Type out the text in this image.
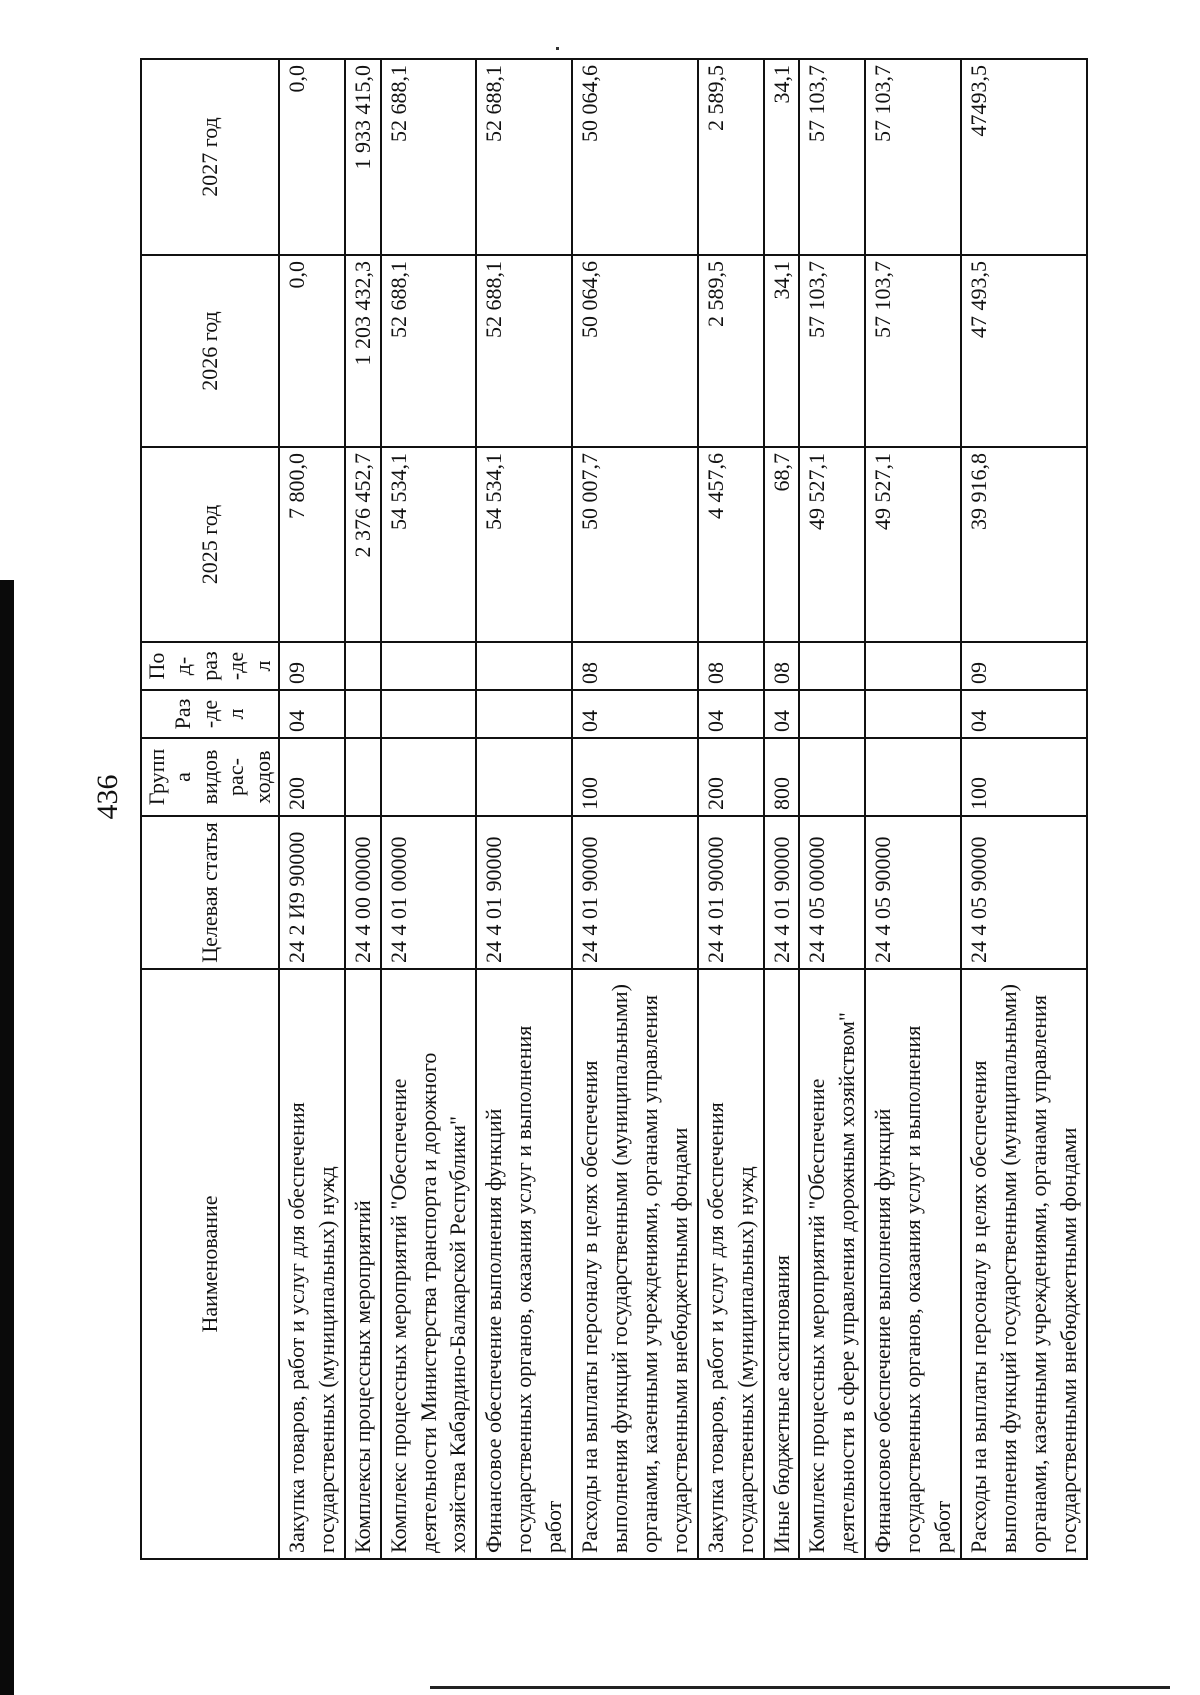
436
Наименование	Целевая статья	Группа видов рас-ходов	Раз-дел	Под-раз-дел	2025 год	2026 год	2027 год
Закупка товаров, работ и услуг для обеспечения государственных (муниципальных) нужд	24 2 И9 90000	200	04	09	7 800,0	0,0	0,0
Комплексы процессных мероприятий	24 4 00 00000				2 376 452,7	1 203 432,3	1 933 415,0
Комплекс процессных мероприятий "Обеспечение деятельности Министерства транспорта и дорожного хозяйства Кабардино-Балкарской Республики"	24 4 01 00000				54 534,1	52 688,1	52 688,1
Финансовое обеспечение выполнения функций государственных органов, оказания услуг и выполнения работ	24 4 01 90000				54 534,1	52 688,1	52 688,1
Расходы на выплаты персоналу в целях обеспечения выполнения функций государственными (муниципальными) органами, казенными учреждениями, органами управления государственными внебюджетными фондами	24 4 01 90000	100	04	08	50 007,7	50 064,6	50 064,6
Закупка товаров, работ и услуг для обеспечения государственных (муниципальных) нужд	24 4 01 90000	200	04	08	4 457,6	2 589,5	2 589,5
Иные бюджетные ассигнования	24 4 01 90000	800	04	08	68,7	34,1	34,1
Комплекс процессных мероприятий "Обеспечение деятельности в сфере управления дорожным хозяйством"	24 4 05 00000				49 527,1	57 103,7	57 103,7
Финансовое обеспечение выполнения функций государственных органов, оказания услуг и выполнения работ	24 4 05 90000				49 527,1	57 103,7	57 103,7
Расходы на выплаты персоналу в целях обеспечения выполнения функций государственными (муниципальными) органами, казенными учреждениями, органами управления государственными внебюджетными фондами	24 4 05 90000	100	04	09	39 916,8	47 493,5	47493,5
